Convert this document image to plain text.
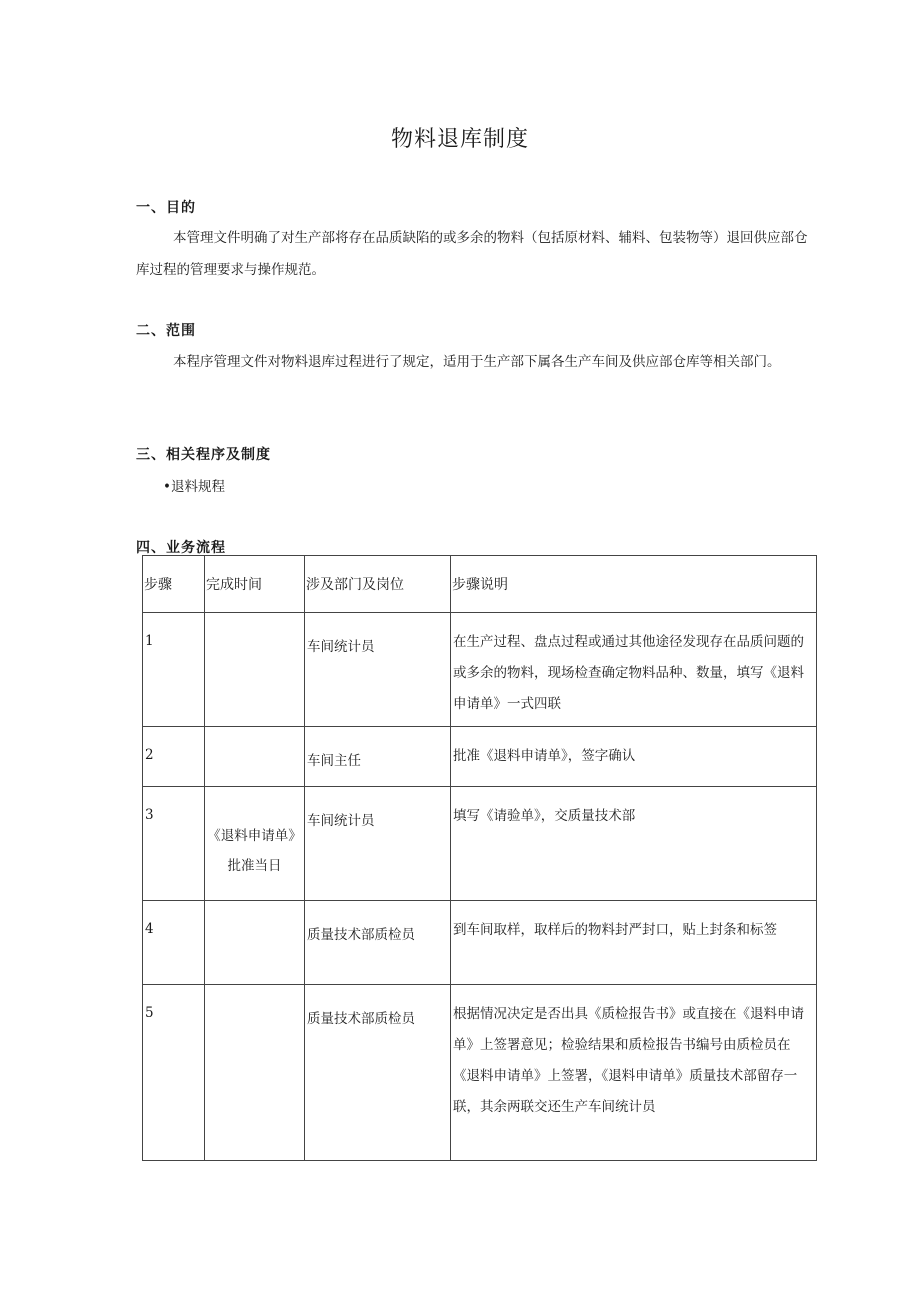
物料退库制度
一、目的
本管理文件明确了对生产部将存在品质缺陷的或多余的物料（包括原材料、辅料、包装物等）退回供应部仓库过程的管理要求与操作规范。
二、范围
本程序管理文件对物料退库过程进行了规定，适用于生产部下属各生产车间及供应部仓库等相关部门。
三、相关程序及制度
•退料规程
四、业务流程
步骤	完成时间	涉及部门及岗位	步骤说明
1		车间统计员	在生产过程、盘点过程或通过其他途径发现存在品质问题的或多余的物料，现场检查确定物料品种、数量，填写《退料申请单》一式四联
2		车间主任	批准《退料申请单》，签字确认
3	《退料申请单》批准当日	车间统计员	填写《请验单》，交质量技术部
4		质量技术部质检员	到车间取样，取样后的物料封严封口，贴上封条和标签
5		质量技术部质检员	根据情况决定是否出具《质检报告书》或直接在《退料申请单》上签署意见；检验结果和质检报告书编号由质检员在《退料申请单》上签署，《退料申请单》质量技术部留存一联，其余两联交还生产车间统计员
